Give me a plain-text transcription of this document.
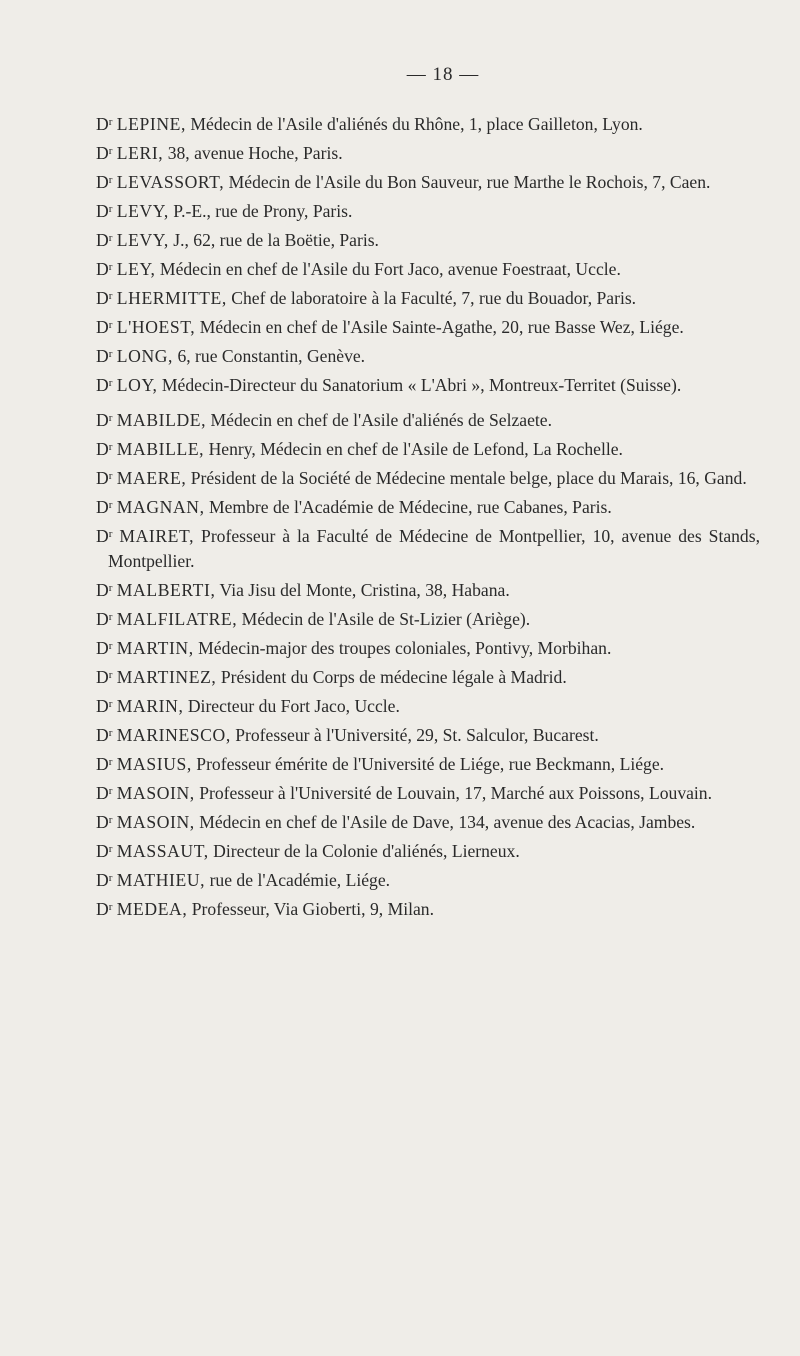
— 18 —
$D^r$ LEPINE, Médecin de l'Asile d'aliénés du Rhône, 1, place Gailleton, Lyon.
$D^r$ LERI, 38, avenue Hoche, Paris.
$D^r$ LEVASSORT, Médecin de l'Asile du Bon Sauveur, rue Marthe le Rochois, 7, Caen.
$D^r$ LEVY, P.-E., rue de Prony, Paris.
$D^r$ LEVY, J., 62, rue de la Boëtie, Paris.
$D^r$ LEY, Médecin en chef de l'Asile du Fort Jaco, avenue Foestraat, Uccle.
$D^r$ LHERMITTE, Chef de laboratoire à la Faculté, 7, rue du Bouador, Paris.
$D^r$ L'HOEST, Médecin en chef de l'Asile Sainte-Agathe, 20, rue Basse Wez, Liége.
$D^r$ LONG, 6, rue Constantin, Genève.
$D^r$ LOY, Médecin-Directeur du Sanatorium « L'Abri », Montreux-Territet (Suisse).
$D^r$ MABILDE, Médecin en chef de l'Asile d'aliénés de Selzaete.
$D^r$ MABILLE, Henry, Médecin en chef de l'Asile de Lefond, La Rochelle.
$D^r$ MAERE, Président de la Société de Médecine mentale belge, place du Marais, 16, Gand.
$D^r$ MAGNAN, Membre de l'Académie de Médecine, rue Cabanes, Paris.
$D^r$ MAIRET, Professeur à la Faculté de Médecine de Montpellier, 10, avenue des Stands, Montpellier.
$D^r$ MALBERTI, Via Jisu del Monte, Cristina, 38, Habana.
$D^r$ MALFILATRE, Médecin de l'Asile de St-Lizier (Ariège).
$D^r$ MARTIN, Médecin-major des troupes coloniales, Pontivy, Morbihan.
$D^r$ MARTINEZ, Président du Corps de médecine légale à Madrid.
$D^r$ MARIN, Directeur du Fort Jaco, Uccle.
$D^r$ MARINESCO, Professeur à l'Université, 29, St. Salculor, Bucarest.
$D^r$ MASIUS, Professeur émérite de l'Université de Liége, rue Beckmann, Liége.
$D^r$ MASOIN, Professeur à l'Université de Louvain, 17, Marché aux Poissons, Louvain.
$D^r$ MASOIN, Médecin en chef de l'Asile de Dave, 134, avenue des Acacias, Jambes.
$D^r$ MASSAUT, Directeur de la Colonie d'aliénés, Lierneux.
$D^r$ MATHIEU, rue de l'Académie, Liége.
$D^r$ MEDEA, Professeur, Via Gioberti, 9, Milan.
